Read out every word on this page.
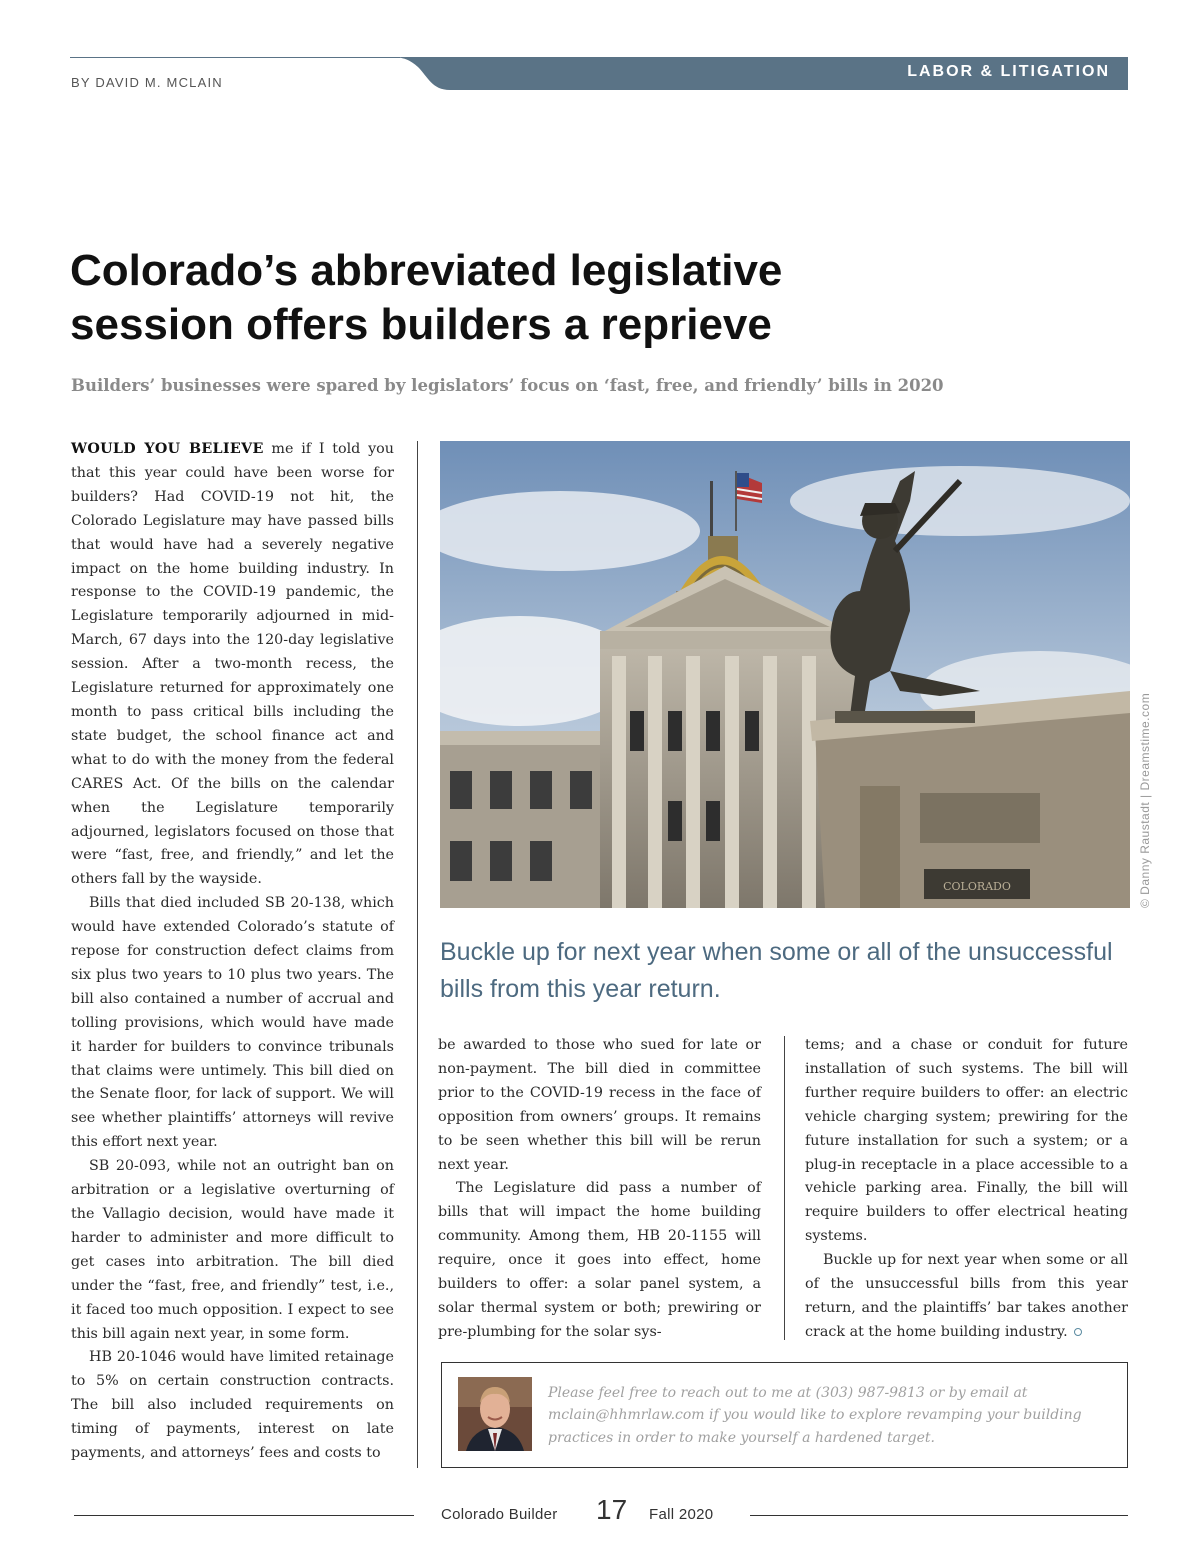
LABOR & LITIGATION
BY DAVID M. MCLAIN
Colorado’s abbreviated legislative
session offers builders a reprieve
Builders’ businesses were spared by legislators’ focus on ‘fast, free, and friendly’ bills in 2020

WOULD YOU BELIEVE me if I told you that this year could have been worse for builders? Had COVID-19 not hit, the Colorado Legislature may have passed bills that would have had a severely negative impact on the home building industry. In response to the COVID-19 pandemic, the Legislature temporarily adjourned in mid-March, 67 days into the 120-day legislative session. After a two-month recess, the Legislature returned for approximately one month to pass critical bills including the state budget, the school finance act and what to do with the money from the federal CARES Act. Of the bills on the calendar when the Legislature temporarily adjourned, legislators focused on those that were “fast, free, and friendly,” and let the others fall by the wayside.

Bills that died included SB 20-138, which would have extended Colorado’s statute of repose for construction defect claims from six plus two years to 10 plus two years. The bill also contained a number of accrual and tolling provisions, which would have made it harder for builders to convince tribunals that claims were untimely. This bill died on the Senate floor, for lack of support. We will see whether plaintiffs’ attorneys will revive this effort next year.

SB 20-093, while not an outright ban on arbitration or a legislative overturning of the Vallagio decision, would have made it harder to administer and more difficult to get cases into arbitration. The bill died under the “fast, free, and friendly” test, i.e., it faced too much opposition. I expect to see this bill again next year, in some form.

HB 20-1046 would have limited retainage to 5% on certain construction contracts. The bill also included requirements on timing of payments, interest on late payments, and attorneys’ fees and costs to

COLORADO	© Danny Raustadt | Dreamstime.com
Buckle up for next year when some or all of the unsuccessful bills from this year return.

be awarded to those who sued for late or non-payment. The bill died in committee prior to the COVID-19 recess in the face of opposition from owners’ groups. It remains to be seen whether this bill will be rerun next year.

The Legislature did pass a number of bills that will impact the home building community. Among them, HB 20-1155 will require, once it goes into effect, home builders to offer: a solar panel system, a solar thermal system or both; prewiring or pre-plumbing for the solar sys-

tems; and a chase or conduit for future installation of such systems. The bill will further require builders to offer: an electric vehicle charging system; prewiring for the future installation for such a system; or a plug-in receptacle in a place accessible to a vehicle parking area. Finally, the bill will require builders to offer electrical heating systems.

Buckle up for next year when some or all of the unsuccessful bills from this year return, and the plaintiffs’ bar takes another crack at the home building industry.

Please feel free to reach out to me at (303) 987-9813 or by email at mclain@hhmrlaw.com if you would like to explore revamping your building practices in order to make yourself a hardened target.
Colorado Builder 17 Fall 2020
